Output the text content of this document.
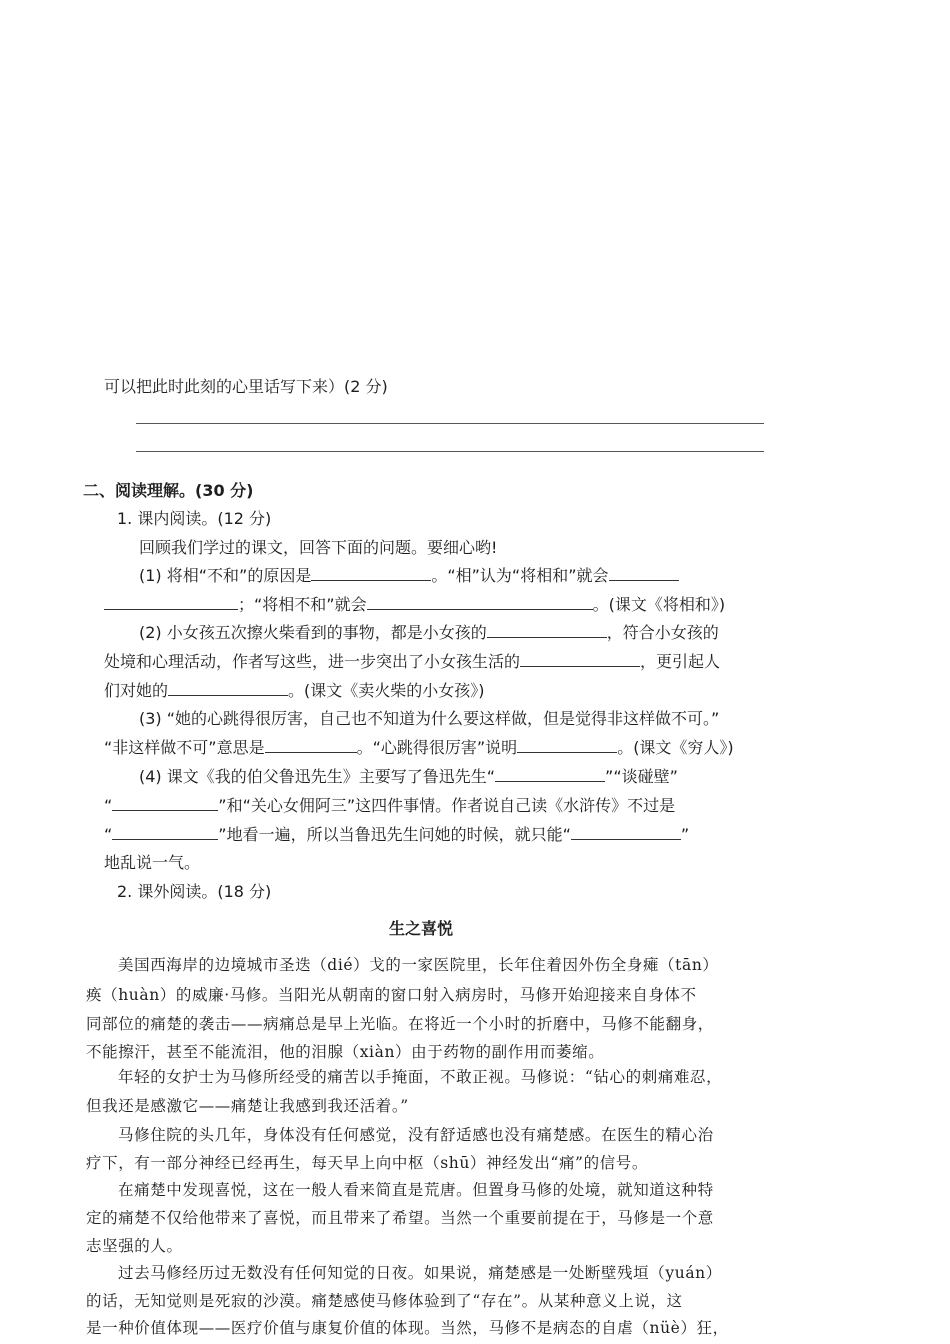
可以把此时此刻的心里话写下来）(2 分)
二、阅读理解。(30 分)
1. 课内阅读。(12 分)
回顾我们学过的课文，回答下面的问题。要细心哟!
(1) 将相“不和”的原因是	。“相”认为“将相和”就会
；“将相不和”就会	。(课文《将相和》)
(2) 小女孩五次擦火柴看到的事物，都是小女孩的	，符合小女孩的
处境和心理活动，作者写这些，进一步突出了小女孩生活的	，更引起人
们对她的	。(课文《卖火柴的小女孩》)
(3) “她的心跳得很厉害，自己也不知道为什么要这样做，但是觉得非这样做不可。”
“非这样做不可”意思是	。“心跳得很厉害”说明	。(课文《穷人》)
(4) 课文《我的伯父鲁迅先生》主要写了鲁迅先生“	”“谈碰壁”
“	”和“关心女佣阿三”这四件事情。作者说自己读《水浒传》不过是
“	”地看一遍，所以当鲁迅先生问她的时候，就只能“	”
地乱说一气。
2. 课外阅读。(18 分)
生之喜悦
美国西海岸的边境城市圣迭（dié）戈的一家医院里，长年住着因外伤全身瘫（tān）
痪（huàn）的威廉·马修。当阳光从朝南的窗口射入病房时，马修开始迎接来自身体不
同部位的痛楚的袭击——病痛总是早上光临。在将近一个小时的折磨中，马修不能翻身，
不能擦汗，甚至不能流泪，他的泪腺（xiàn）由于药物的副作用而萎缩。
年轻的女护士为马修所经受的痛苦以手掩面，不敢正视。马修说：“钻心的刺痛难忍，
但我还是感激它——痛楚让我感到我还活着。”
马修住院的头几年，身体没有任何感觉，没有舒适感也没有痛楚感。在医生的精心治
疗下，有一部分神经已经再生，每天早上向中枢（shū）神经发出“痛”的信号。
在痛楚中发现喜悦，这在一般人看来简直是荒唐。但置身马修的处境，就知道这种特
定的痛楚不仅给他带来了喜悦，而且带来了希望。当然一个重要前提在于，马修是一个意
志坚强的人。
过去马修经历过无数没有任何知觉的日夜。如果说，痛楚感是一处断壁残垣（yuán）
的话，无知觉则是死寂的沙漠。痛楚感使马修体验到了“存在”。从某种意义上说，这
是一种价值体现——医疗价值与康复价值的体现。当然，马修不是病态的自虐（nüè）狂，
